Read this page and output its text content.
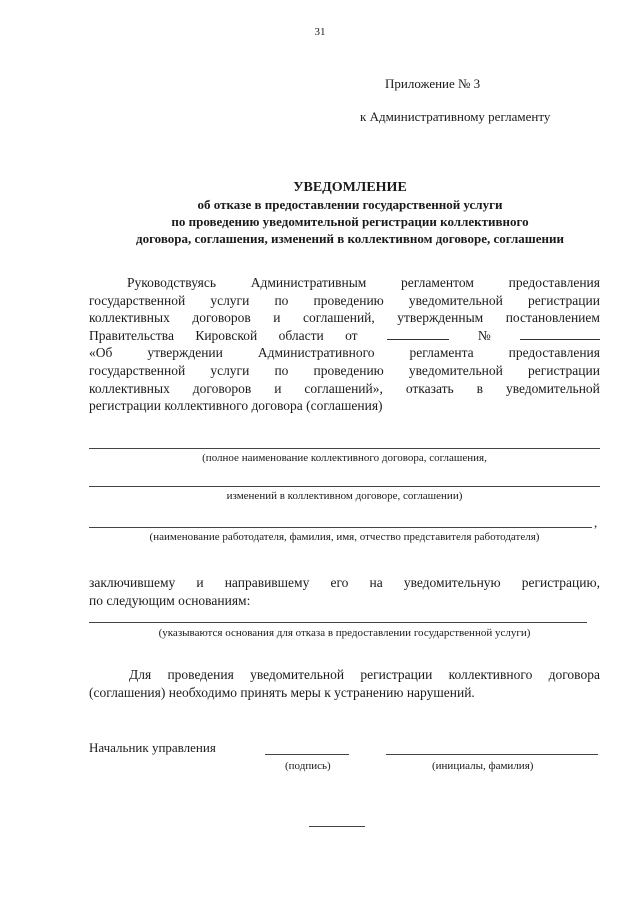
31
Приложение № 3
к Административному регламенту
УВЕДОМЛЕНИЕ
об отказе в предоставлении государственной услуги
по проведению уведомительной регистрации коллективного
договора, соглашения, изменений в коллективном договоре, соглашении
Руководствуясь	Административным	регламентом	предоставления
государственной услуги по проведению уведомительной регистрации
коллективных договоров и соглашений, утвержденным постановлением
Правительства Кировской области от	№
«Об	утверждении	Административного	регламента	предоставления
государственной услуги по проведению уведомительной регистрации
коллективных договоров и соглашений», отказать в уведомительной
регистрации коллективного договора (соглашения)
(полное наименование коллективного договора, соглашения,
изменений в коллективном договоре, соглашении)
,
(наименование работодателя, фамилия, имя, отчество представителя работодателя)
заключившему и направившему его на уведомительную регистрацию,
по следующим основаниям:
(указываются основания для отказа в предоставлении государственной услуги)
Для проведения уведомительной регистрации коллективного договора
(соглашения) необходимо принять меры к устранению нарушений.
Начальник управления
(подпись)	(инициалы, фамилия)
